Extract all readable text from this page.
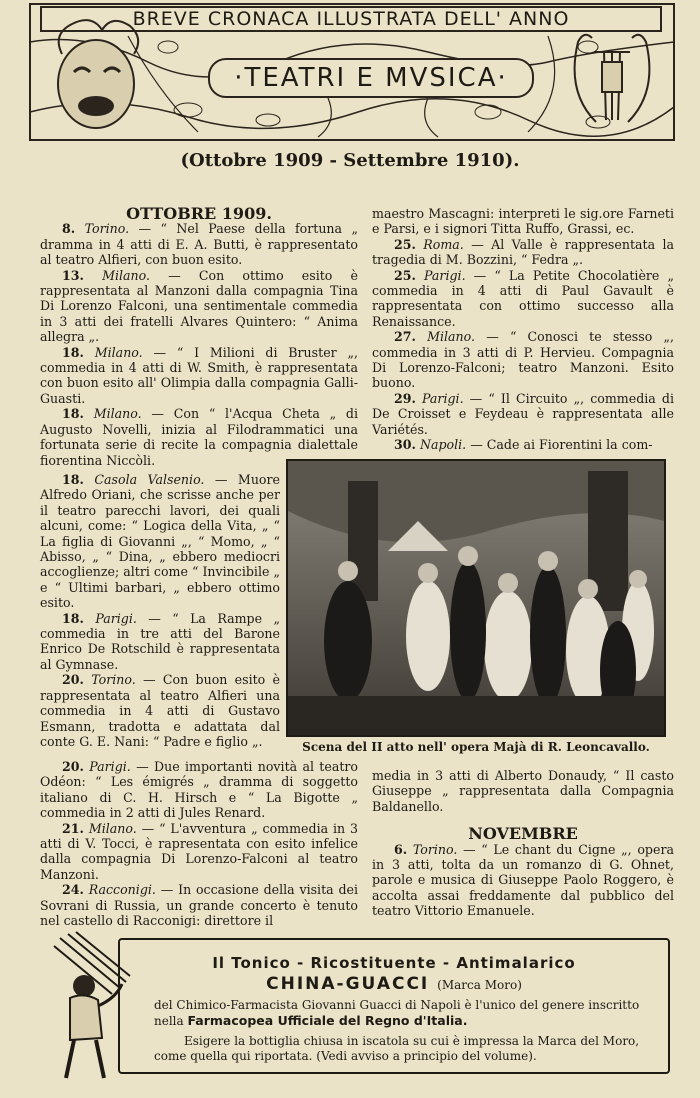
BREVE CRONACA ILLUSTRATA DELL' ANNO
·TEATRI E MVSICA·
(Ottobre 1909 - Settembre 1910).

OTTOBRE 1909.

8. Torino. — “ Nel Paese della fortuna „ dramma in 4 atti di E. A. Butti, è rappresentato al teatro Alfieri, con buon esito.

13. Milano. — Con ottimo esito è rappresentata al Manzoni dalla compagnia Tina Di Lorenzo Falconi, una sentimentale commedia in 3 atti dei fratelli Alvares Quintero: “ Anima allegra „.

18. Milano. — “ I Milioni di Bruster „, commedia in 4 atti di W. Smith, è rappresentata con buon esito all' Olimpia dalla compagnia Galli-Guasti.

18. Milano. — Con “ l'Acqua Cheta „ di Augusto Novelli, inizia al Filodrammatici una fortunata serie di recite la compagnia dialettale fiorentina Niccòli.

18. Casola Valsenio. — Muore Alfredo Oriani, che scrisse anche per il teatro parecchi lavori, dei quali alcuni, come: “ Logica della Vita, „ “ La figlia di Giovanni „, “ Momo, „ “ Abisso, „ “ Dina, „ ebbero mediocri accoglienze; altri come “ Invincibile „ e “ Ultimi barbari, „ ebbero ottimo esito.

18. Parigi. — “ La Rampe „ commedia in tre atti del Barone Enrico De Rotschild è rappresentata al Gymnase.

20. Torino. — Con buon esito è rappresentata al teatro Alfieri una commedia in 4 atti di Gustavo Esmann, tradotta e adattata dal conte G. E. Nani: “ Padre e figlio „.

20. Parigi. — Due importanti novità al teatro Odéon: “ Les émigrés „ dramma di soggetto italiano di C. H. Hirsch e “ La Bigotte „ commedia in 2 atti di Jules Renard.

21. Milano. — “ L'avventura „ commedia in 3 atti di V. Tocci, è rapresentata con esito infelice dalla compagnia Di Lorenzo-Falconi al teatro Manzoni.

24. Racconigi. — In occasione della visita dei Sovrani di Russia, un grande concerto è tenuto nel castello di Racconigi: direttore il

maestro Mascagni: interpreti le sig.ore Farneti e Parsi, e i signori Titta Ruffo, Grassi, ec.

25. Roma. — Al Valle è rappresentata la tragedia di M. Bozzini, “ Fedra „.

25. Parigi. — “ La Petite Chocolatière „ commedia in 4 atti di Paul Gavault è rappresentata con ottimo successo alla Renaissance.

27. Milano. — “ Conosci te stesso „, commedia in 3 atti di P. Hervieu. Compagnia Di Lorenzo-Falconi; teatro Manzoni. Esito buono.

29. Parigi. — “ Il Circuito „, commedia di De Croisset e Feydeau è rappresentata alle Variétés.

30. Napoli. — Cade ai Fiorentini la com-

Scena del II atto nell' opera Majà di R. Leoncavallo.

media in 3 atti di Alberto Donaudy, “ Il casto Giuseppe „ rappresentata dalla Compagnia Baldanello.

NOVEMBRE

6. Torino. — “ Le chant du Cigne „, opera in 3 atti, tolta da un romanzo di G. Ohnet, parole e musica di Giuseppe Paolo Roggero, è accolta assai freddamente dal pubblico del teatro Vittorio Emanuele.

Il Tonico - Ricostituente - Antimalarico
CHINA-GUACCI (Marca Moro)
del Chimico-Farmacista Giovanni Guacci di Napoli è l'unico del genere inscritto nella Farmacopea Ufficiale del Regno d'Italia.
Esigere la bottiglia chiusa in iscatola su cui è impressa la Marca del Moro, come quella qui riportata. (Vedi avviso a principio del volume).
